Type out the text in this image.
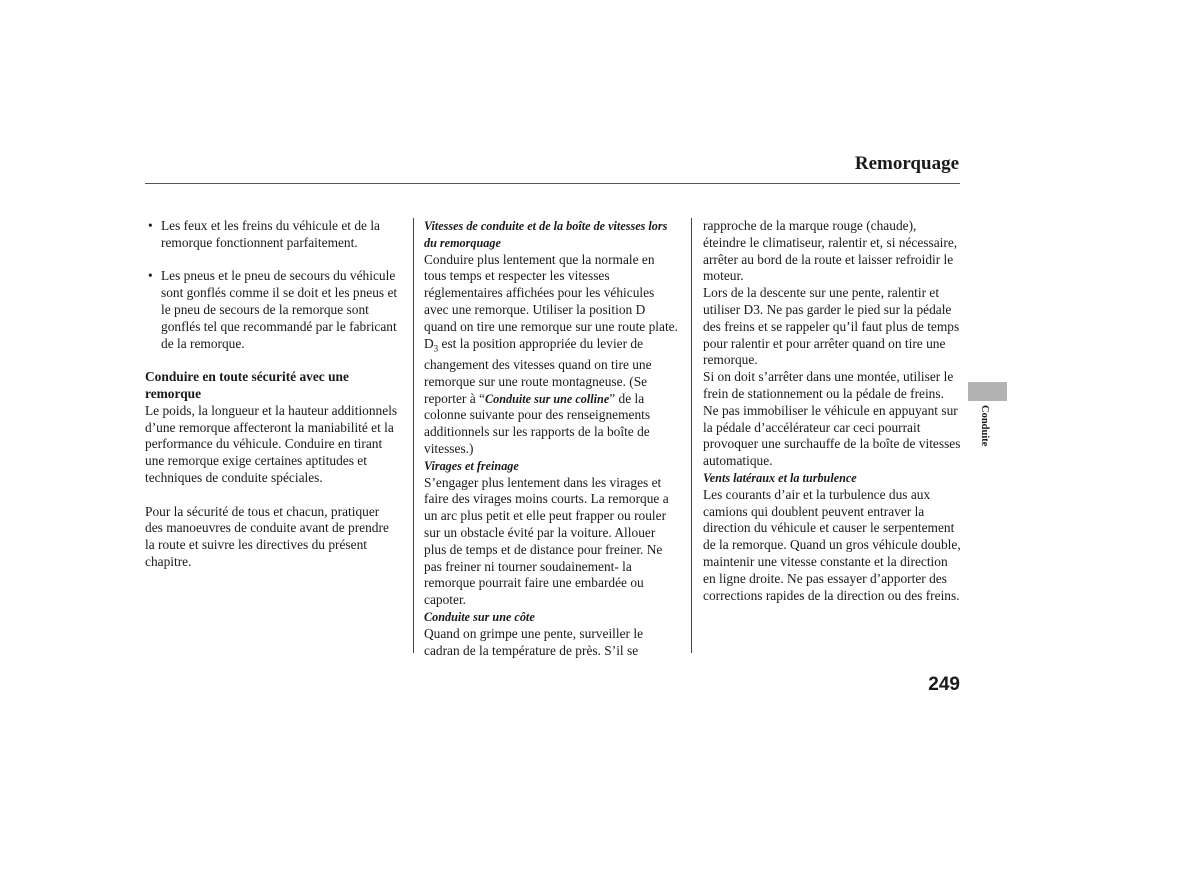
Remorquage
• Les feux et les freins du véhicule et de la remorque fonctionnent parfaitement.
• Les pneus et le pneu de secours du véhicule sont gonflés comme il se doit et les pneus et le pneu de secours de la remorque sont gonflés tel que recommandé par le fabricant de la remorque.
Conduire en toute sécurité avec une remorque
Le poids, la longueur et la hauteur additionnels d’une remorque affecteront la maniabilité et la performance du véhicule. Conduire en tirant une remorque exige certaines aptitudes et techniques de conduite spéciales.
Pour la sécurité de tous et chacun, pratiquer des manoeuvres de conduite avant de prendre la route et suivre les directives du présent chapitre.
Vitesses de conduite et de la boîte de vitesses lors du remorquage
Conduire plus lentement que la normale en tous temps et respecter les vitesses réglementaires affichées pour les véhicules avec une remorque. Utiliser la position D quand on tire une remorque sur une route plate. $D_3$ est la position appropriée du levier de changement des vitesses quand on tire une remorque sur une route montagneuse. (Se reporter à “Conduite sur une colline” de la colonne suivante pour des renseignements additionnels sur les rapports de la boîte de vitesses.)
Virages et freinage
S’engager plus lentement dans les virages et faire des virages moins courts. La remorque a un arc plus petit et elle peut frapper ou rouler sur un obstacle évité par la voiture. Allouer plus de temps et de distance pour freiner. Ne pas freiner ni tourner soudainement- la remorque pourrait faire une embardée ou capoter.
Conduite sur une côte
Quand on grimpe une pente, surveiller le cadran de la température de près. S’il se
rapproche de la marque rouge (chaude), éteindre le climatiseur, ralentir et, si nécessaire, arrêter au bord de la route et laisser refroidir le moteur.
Lors de la descente sur une pente, ralentir et utiliser D3. Ne pas garder le pied sur la pédale des freins et se rappeler qu’il faut plus de temps pour ralentir et pour arrêter quand on tire une remorque.
Si on doit s’arrêter dans une montée, utiliser le frein de stationnement ou la pédale de freins. Ne pas immobiliser le véhicule en appuyant sur la pédale d’accélérateur car ceci pourrait provoquer une surchauffe de la boîte de vitesses automatique.
Vents latéraux et la turbulence
Les courants d’air et la turbulence dus aux camions qui doublent peuvent entraver la direction du véhicule et causer le serpentement de la remorque. Quand un gros véhicule double, maintenir une vitesse constante et la direction en ligne droite. Ne pas essayer d’apporter des corrections rapides de la direction ou des freins.
Conduite
249
